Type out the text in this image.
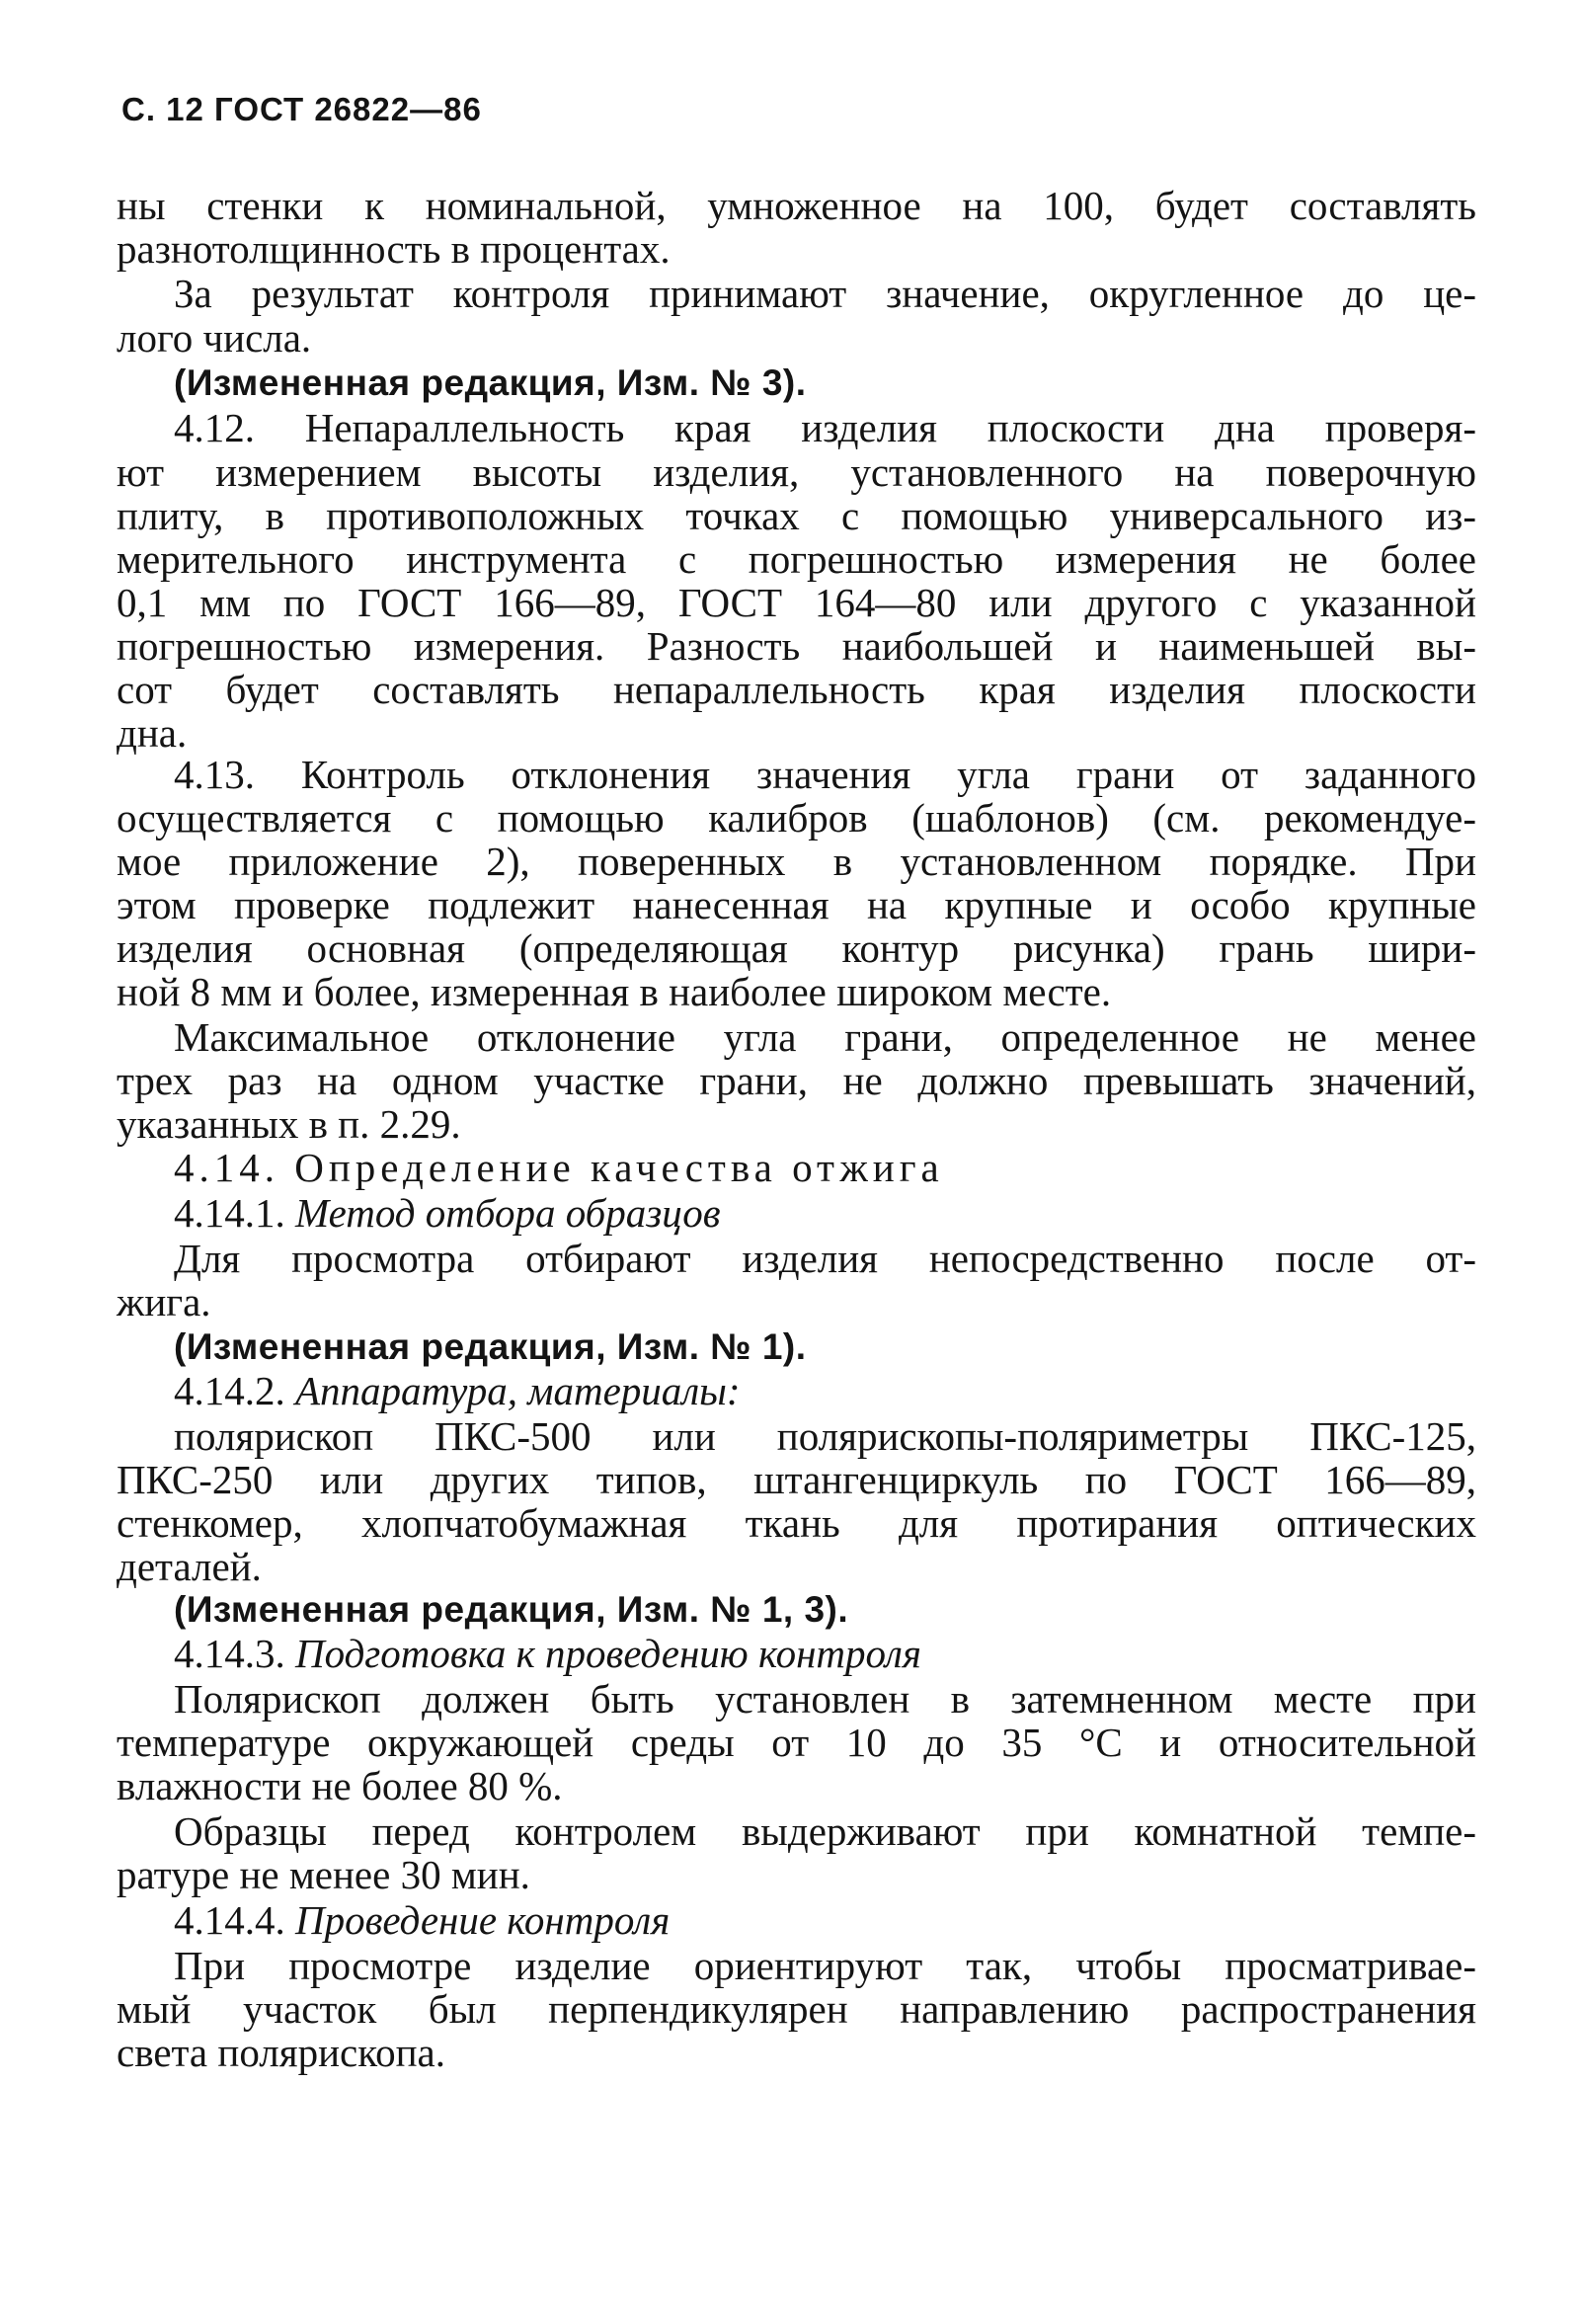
С. 12 ГОСТ 26822—86
ны стенки к номинальной, умноженное на 100, будет составлять
разнотолщинность в процентах.
За результат контроля принимают значение, округленное до це-
лого числа.
(Измененная редакция, Изм. № 3).
4.12. Непараллельность края изделия плоскости дна проверя-
ют измерением высоты изделия, установленного на поверочную
плиту, в противоположных точках с помощью универсального из-
мерительного инструмента с погрешностью измерения не более
0,1 мм по ГОСТ 166—89, ГОСТ 164—80 или другого с указанной
погрешностью измерения. Разность наибольшей и наименьшей вы-
сот будет составлять непараллельность края изделия плоскости
дна.
4.13. Контроль отклонения значения угла грани от заданного
осуществляется с помощью калибров (шаблонов) (см. рекомендуе-
мое приложение 2), поверенных в установленном порядке. При
этом проверке подлежит нанесенная на крупные и особо крупные
изделия основная (определяющая контур рисунка) грань шири-
ной 8 мм и более, измеренная в наиболее широком месте.
Максимальное отклонение угла грани, определенное не менее
трех раз на одном участке грани, не должно превышать значений,
указанных в п. 2.29.
4.14. Определение качества отжига
4.14.1. Метод отбора образцов
Для просмотра отбирают изделия непосредственно после от-
жига.
(Измененная редакция, Изм. № 1).
4.14.2. Аппаратура, материалы:
полярископ ПКС-500 или полярископы-поляриметры ПКС-125,
ПКС-250 или других типов, штангенциркуль по ГОСТ 166—89,
стенкомер, хлопчатобумажная ткань для протирания оптических
деталей.
(Измененная редакция, Изм. № 1, 3).
4.14.3. Подготовка к проведению контроля
Полярископ должен быть установлен в затемненном месте при
температуре окружающей среды от 10 до 35 °С и относительной
влажности не более 80 %.
Образцы перед контролем выдерживают при комнатной темпе-
ратуре не менее 30 мин.
4.14.4. Проведение контроля
При просмотре изделие ориентируют так, чтобы просматривае-
мый участок был перпендикулярен направлению распространения
света полярископа.
